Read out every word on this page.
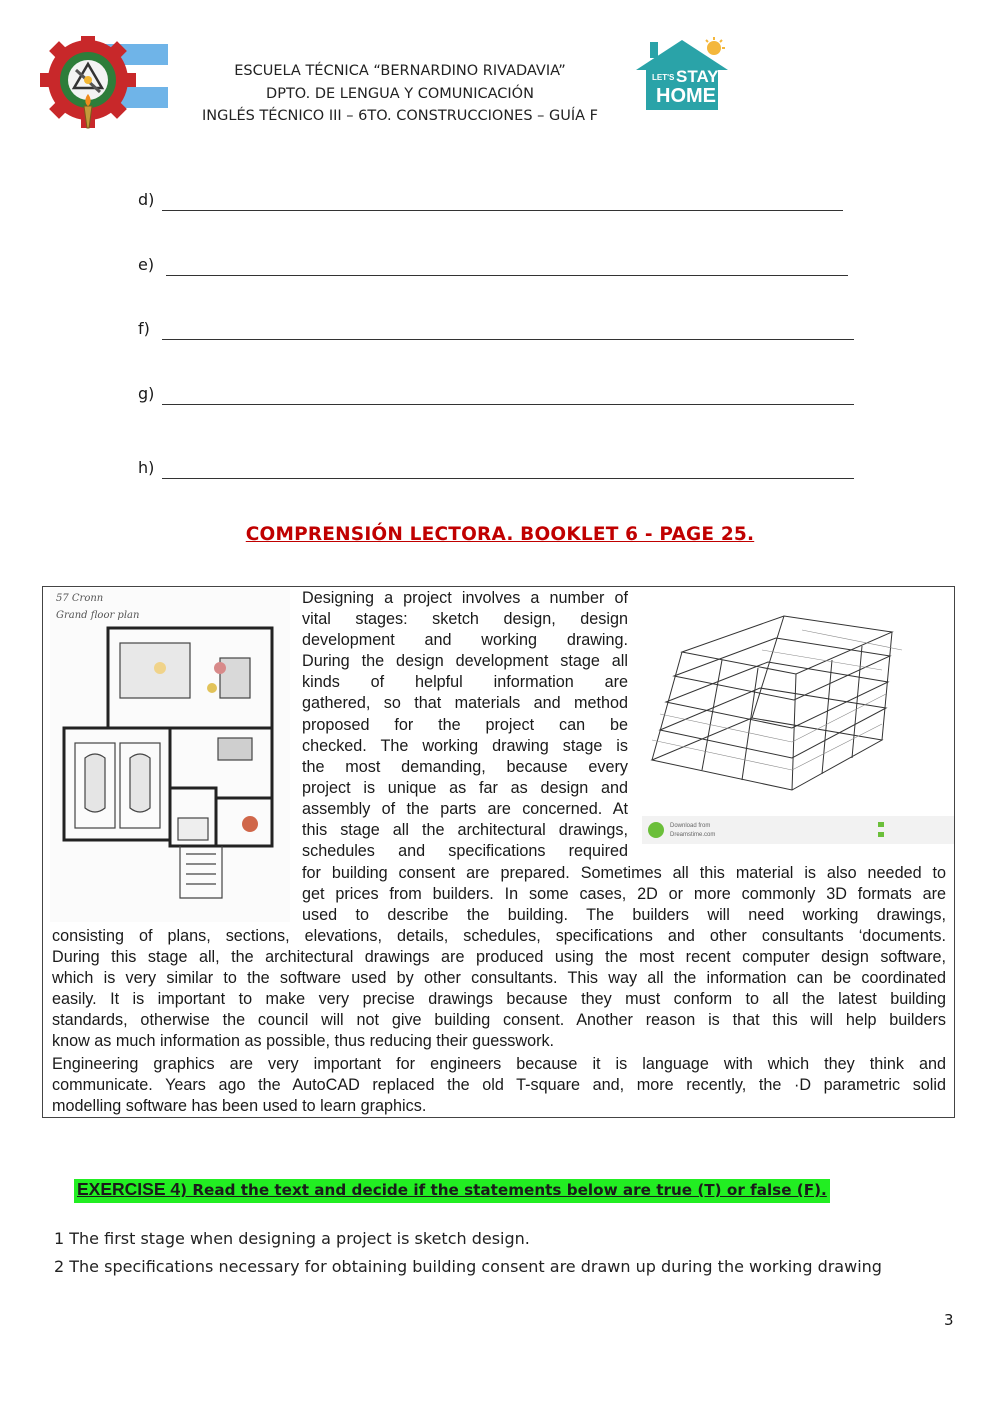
ESCUELA TÉCNICA “BERNARDINO RIVADAVIA”
DPTO. DE LENGUA Y COMUNICACIÓN
INGLÉS TÉCNICO III – 6TO. CONSTRUCCIONES – GUÍA F
LET'S STAY
HOME
d)
e)
f)
g)
h)
COMPRENSIÓN LECTORA. BOOKLET 6 - PAGE 25.
57 Cronn
Grand floor plan
Download from
Dreamstime.com
Designing a project involves a number of
vital stages: sketch design, design
development and working drawing.
During the design development stage all
kinds of helpful information are
gathered, so that materials and method
proposed for the project can be
checked. The working drawing stage is
the most demanding, because every
project is unique as far as design and
assembly of the parts are concerned. At
this stage all the architectural drawings,
schedules and specifications required
for building consent are prepared. Sometimes all this material is also needed to
get prices from builders. In some cases, 2D or more commonly 3D formats are
used to describe the building. The builders will need working drawings,
consisting of plans, sections, elevations, details, schedules, specifications and other consultants ‘documents.
During this stage all, the architectural drawings are produced using the most recent computer design software,
which is very similar to the software used by other consultants. This way all the information can be coordinated
easily. It is important to make very precise drawings because they must conform to all the latest building
standards, otherwise the council will not give building consent. Another reason is that this will help builders
know as much information as possible, thus reducing their guesswork.
Engineering graphics are very important for engineers because it is language with which they think and
communicate. Years ago the AutoCAD replaced the old T-square and, more recently, the ·D parametric solid
modelling software has been used to learn graphics.
EXERCISE 4) Read the text and decide if the statements below are true (T) or false (F).
1 The first stage when designing a project is sketch design.
2 The specifications necessary for obtaining building consent are drawn up during the working drawing
3
